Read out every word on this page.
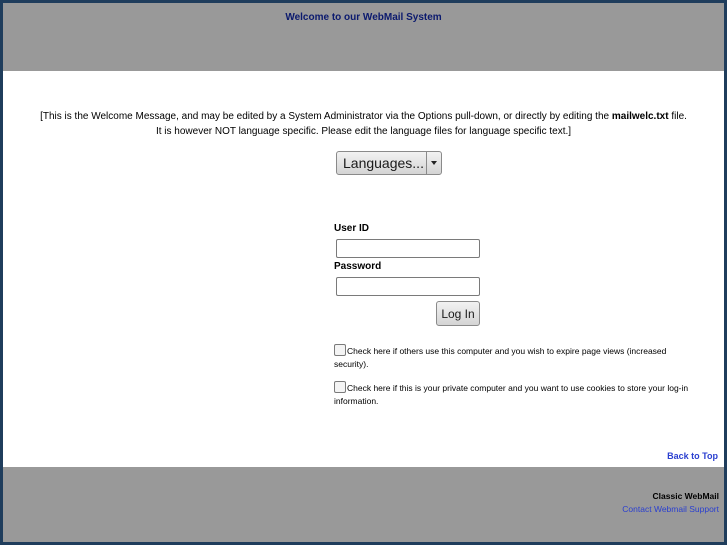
Welcome to our WebMail System
[This is the Welcome Message, and may be edited by a System Administrator via the Options pull-down, or directly by editing the mailwelc.txt file.
It is however NOT language specific. Please edit the language files for language specific text.]
Languages...
User ID
Password
Log In
Check here if others use this computer and you wish to expire page views (increased security).
Check here if this is your private computer and you want to use cookies to store your log-in information.
Back to Top
Classic WebMail
Contact Webmail Support
